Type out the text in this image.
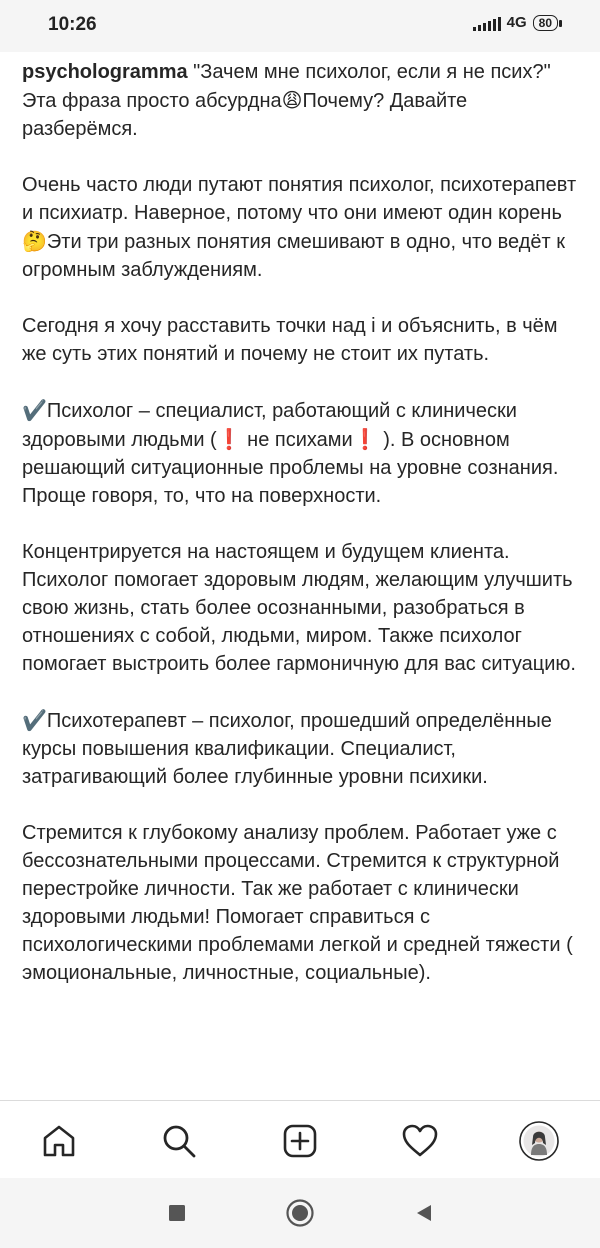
10:26	4G	80

psychologramma "Зачем мне психолог, если я не псих?" Эта фраза просто абсурдна😩Почему? Давайте разберёмся.

Очень часто люди путают понятия психолог, психотерапевт и психиатр. Наверное, потому что они имеют один корень🤔Эти три разных понятия смешивают в одно, что ведёт к огромным заблуждениям.

Сегодня я хочу расставить точки над i и объяснить, в чём же суть этих понятий и почему не стоит их путать.

✔️Психолог – специалист, работающий с клинически здоровыми людьми (❗ не психами❗ ). В основном решающий ситуационные проблемы на уровне сознания. Проще говоря, то, что на поверхности.

Концентрируется на настоящем и будущем клиента. Психолог помогает здоровым людям, желающим улучшить свою жизнь, стать более осознанными, разобраться в отношениях с собой, людьми, миром. Также психолог помогает выстроить более гармоничную для вас ситуацию.

✔️Психотерапевт – психолог, прошедший определённые курсы повышения квалификации. Специалист, затрагивающий более глубинные уровни психики.

Стремится к глубокому анализу проблем. Работает уже с бессознательными процессами. Стремится к структурной перестройке личности. Так же работает с клинически здоровыми людьми! Помогает справиться с психологическими проблемами легкой и средней тяжести ( эмоциональные, личностные, социальные).
